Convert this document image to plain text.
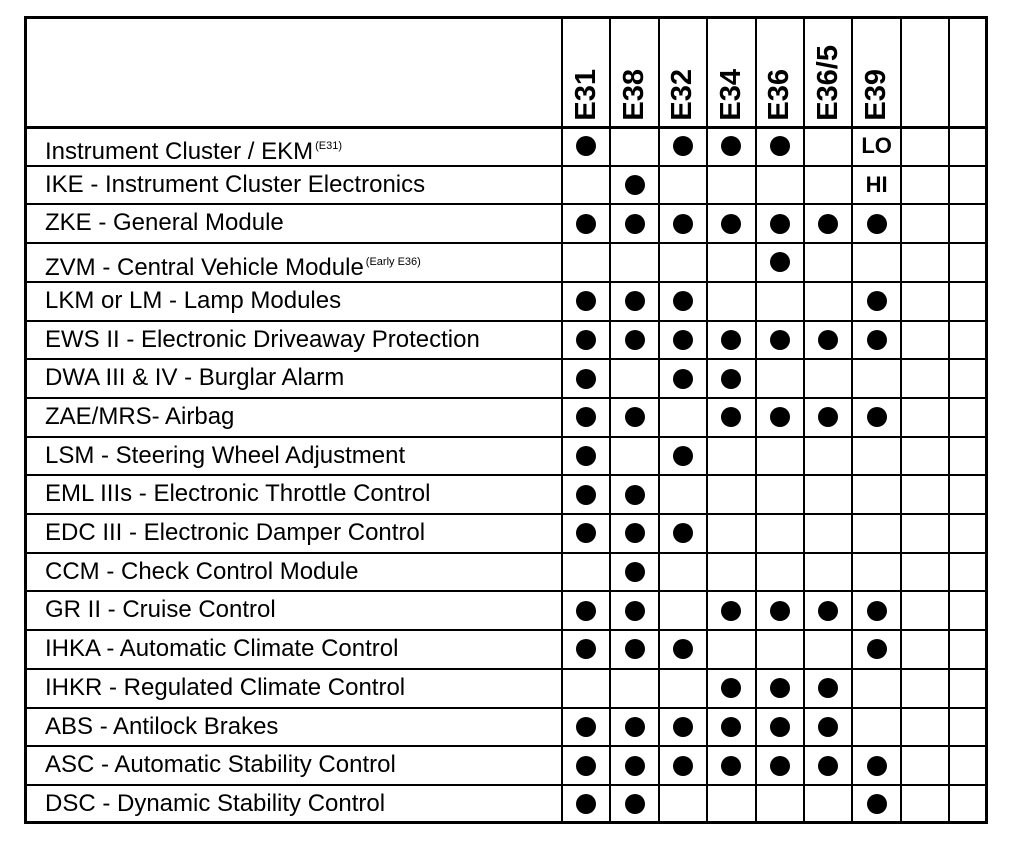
E31 E38 E32 E34 E36 E36/5 E39
Instrument Cluster / EKM $^{(E31)}$	LO
IKE - Instrument Cluster Electronics	HI
ZKE - General Module
ZVM - Central Vehicle Module $^{(Early E36)}$
LKM or LM - Lamp Modules
EWS II - Electronic Driveaway Protection
DWA III & IV - Burglar Alarm
ZAE/MRS- Airbag
LSM - Steering Wheel Adjustment
EML IIIs - Electronic Throttle Control
EDC III - Electronic Damper Control
CCM - Check Control Module
GR II - Cruise Control
IHKA - Automatic Climate Control
IHKR - Regulated Climate Control
ABS - Antilock Brakes
ASC - Automatic Stability Control
DSC - Dynamic Stability Control
